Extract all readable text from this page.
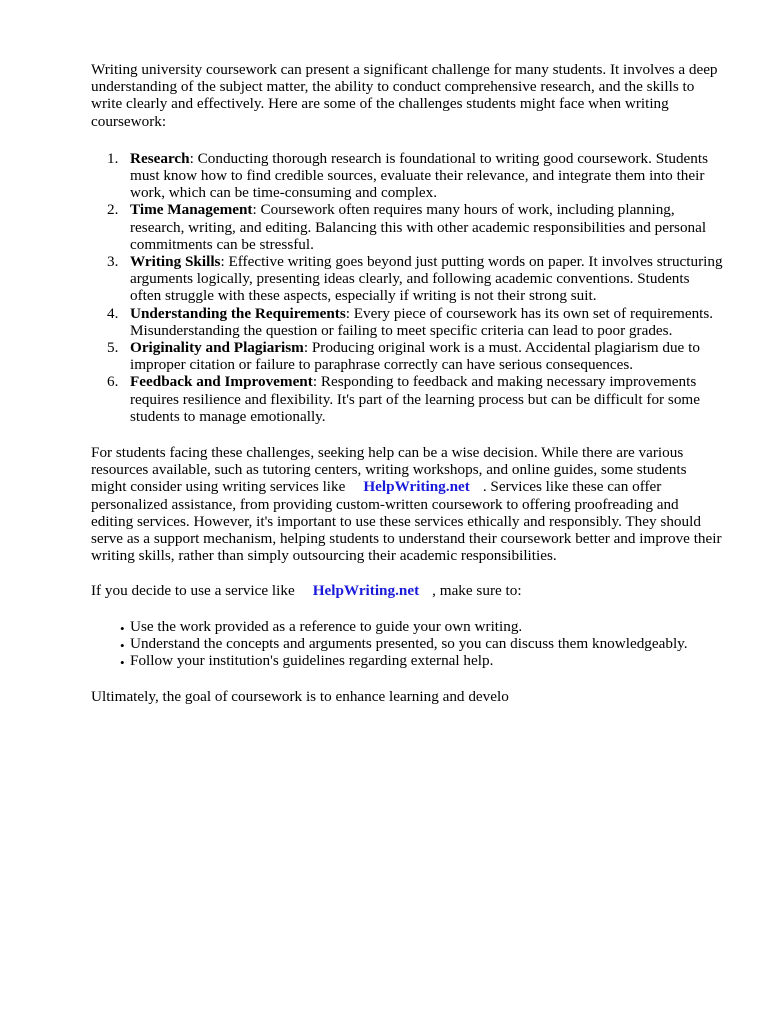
Writing university coursework can present a significant challenge for many students. It involves a deep understanding of the subject matter, the ability to conduct comprehensive research, and the skills to write clearly and effectively. Here are some of the challenges students might face when writing coursework:

1. Research: Conducting thorough research is foundational to writing good coursework. Students must know how to find credible sources, evaluate their relevance, and integrate them into their work, which can be time-consuming and complex.
2. Time Management: Coursework often requires many hours of work, including planning, research, writing, and editing. Balancing this with other academic responsibilities and personal commitments can be stressful.
3. Writing Skills: Effective writing goes beyond just putting words on paper. It involves structuring arguments logically, presenting ideas clearly, and following academic conventions. Students often struggle with these aspects, especially if writing is not their strong suit.
4. Understanding the Requirements: Every piece of coursework has its own set of requirements. Misunderstanding the question or failing to meet specific criteria can lead to poor grades.
5. Originality and Plagiarism: Producing original work is a must. Accidental plagiarism due to improper citation or failure to paraphrase correctly can have serious consequences.
6. Feedback and Improvement: Responding to feedback and making necessary improvements requires resilience and flexibility. It's part of the learning process but can be difficult for some students to manage emotionally.

For students facing these challenges, seeking help can be a wise decision. While there are various resources available, such as tutoring centers, writing workshops, and online guides, some students might consider using writing services like HelpWriting.net . Services like these can offer personalized assistance, from providing custom-written coursework to offering proofreading and editing services. However, it's important to use these services ethically and responsibly. They should serve as a support mechanism, helping students to understand their coursework better and improve their writing skills, rather than simply outsourcing their academic responsibilities.

If you decide to use a service like HelpWriting.net , make sure to:

• Use the work provided as a reference to guide your own writing.
• Understand the concepts and arguments presented, so you can discuss them knowledgeably.
• Follow your institution's guidelines regarding external help.

Ultimately, the goal of coursework is to enhance learning and develo
